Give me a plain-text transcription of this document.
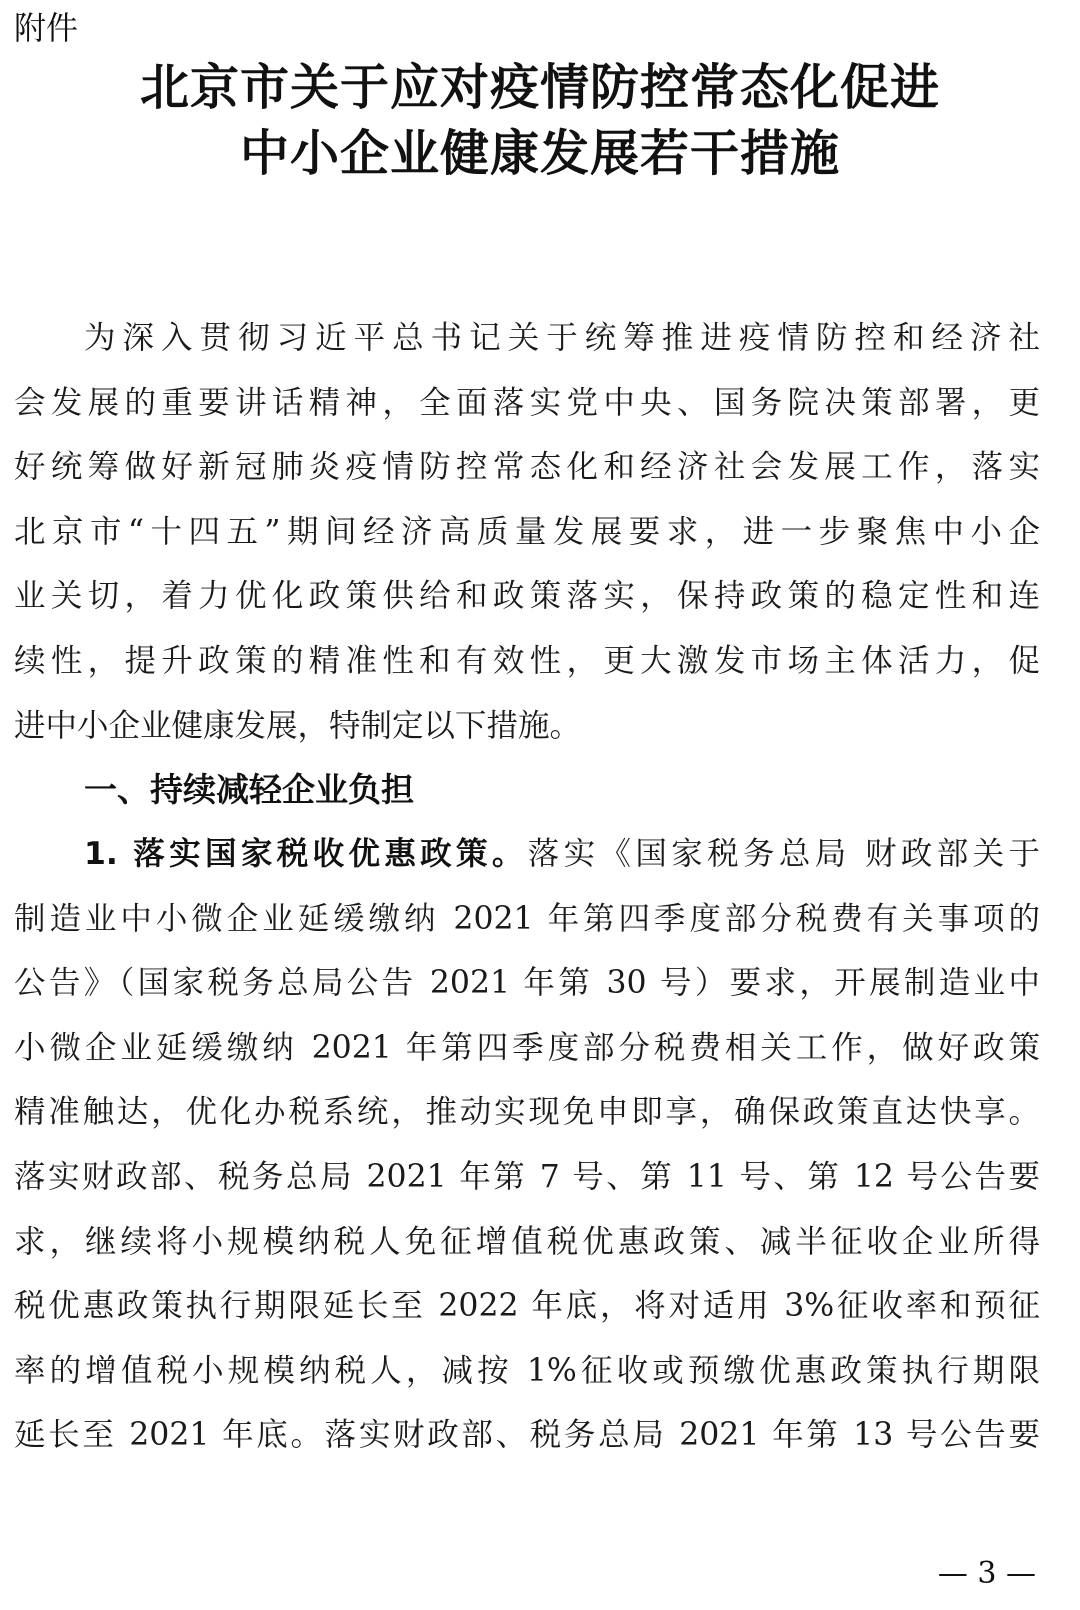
附件
北京市关于应对疫情防控常态化促进
中小企业健康发展若干措施
为深入贯彻习近平总书记关于统筹推进疫情防控和经济社
会发展的重要讲话精神，全面落实党中央、国务院决策部署，更
好统筹做好新冠肺炎疫情防控常态化和经济社会发展工作，落实
北京市“十四五”期间经济高质量发展要求，进一步聚焦中小企
业关切，着力优化政策供给和政策落实，保持政策的稳定性和连
续性，提升政策的精准性和有效性，更大激发市场主体活力，促
进中小企业健康发展，特制定以下措施。
一、持续减轻企业负担
1. 落实国家税收优惠政策。落实《国家税务总局 财政部关于
制造业中小微企业延缓缴纳 2021 年第四季度部分税费有关事项的
公告》（国家税务总局公告 2021 年第 30 号）要求，开展制造业中
小微企业延缓缴纳 2021 年第四季度部分税费相关工作，做好政策
精准触达，优化办税系统，推动实现免申即享，确保政策直达快享。
落实财政部、税务总局 2021 年第 7 号、第 11 号、第 12 号公告要
求，继续将小规模纳税人免征增值税优惠政策、减半征收企业所得
税优惠政策执行期限延长至 2022 年底，将对适用 3%征收率和预征
率的增值税小规模纳税人，减按 1%征收或预缴优惠政策执行期限
延长至 2021 年底。落实财政部、税务总局 2021 年第 13 号公告要
— 3 —
